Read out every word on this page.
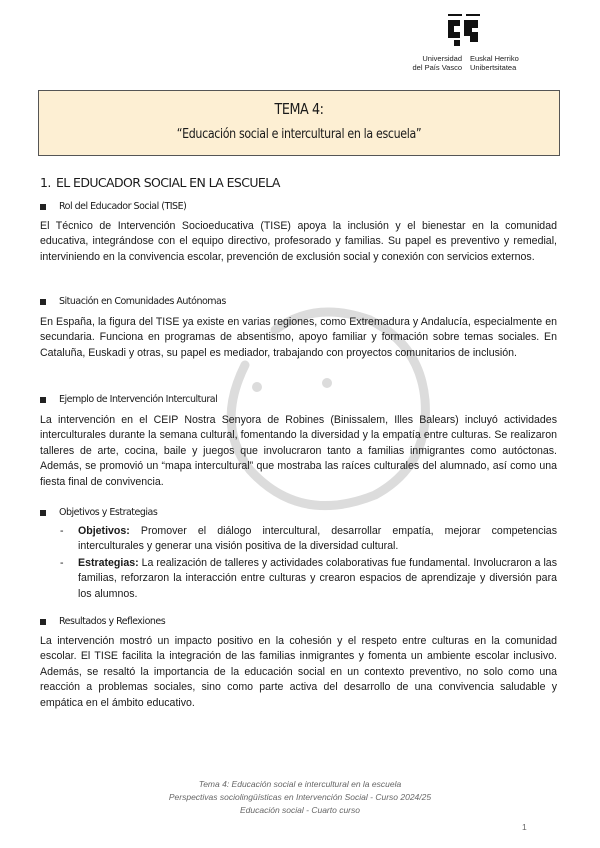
Universidad
del País Vasco
Euskal Herriko
Unibertsitatea
TEMA 4:
“Educación social e intercultural en la escuela”
1. EL EDUCADOR SOCIAL EN LA ESCUELA
Rol del Educador Social (TISE)
El Técnico de Intervención Socioeducativa (TISE) apoya la inclusión y el bienestar en la comunidad educativa, integrándose con el equipo directivo, profesorado y familias. Su papel es preventivo y remedial, interviniendo en la convivencia escolar, prevención de exclusión social y conexión con servicios externos.
Situación en Comunidades Autónomas
En España, la figura del TISE ya existe en varias regiones, como Extremadura y Andalucía, especialmente en secundaria. Funciona en programas de absentismo, apoyo familiar y formación sobre temas sociales. En Cataluña, Euskadi y otras, su papel es mediador, trabajando con proyectos comunitarios de inclusión.
Ejemplo de Intervención Intercultural
La intervención en el CEIP Nostra Senyora de Robines (Binissalem, Illes Balears) incluyó actividades interculturales durante la semana cultural, fomentando la diversidad y la empatía entre culturas. Se realizaron talleres de arte, cocina, baile y juegos que involucraron tanto a familias inmigrantes como autóctonas. Además, se promovió un “mapa intercultural” que mostraba las raíces culturales del alumnado, así como una fiesta final de convivencia.
Objetivos y Estrategias
-	Objetivos: Promover el diálogo intercultural, desarrollar empatía, mejorar competencias interculturales y generar una visión positiva de la diversidad cultural.
-	Estrategias: La realización de talleres y actividades colaborativas fue fundamental. Involucraron a las familias, reforzaron la interacción entre culturas y crearon espacios de aprendizaje y diversión para los alumnos.
Resultados y Reflexiones
La intervención mostró un impacto positivo en la cohesión y el respeto entre culturas en la comunidad escolar. El TISE facilita la integración de las familias inmigrantes y fomenta un ambiente escolar inclusivo. Además, se resaltó la importancia de la educación social en un contexto preventivo, no solo como una reacción a problemas sociales, sino como parte activa del desarrollo de una convivencia saludable y empática en el ámbito educativo.
Tema 4: Educación social e intercultural en la escuela
Perspectivas sociolingüísticas en Intervención Social - Curso 2024/25
Educación social - Cuarto curso
1
